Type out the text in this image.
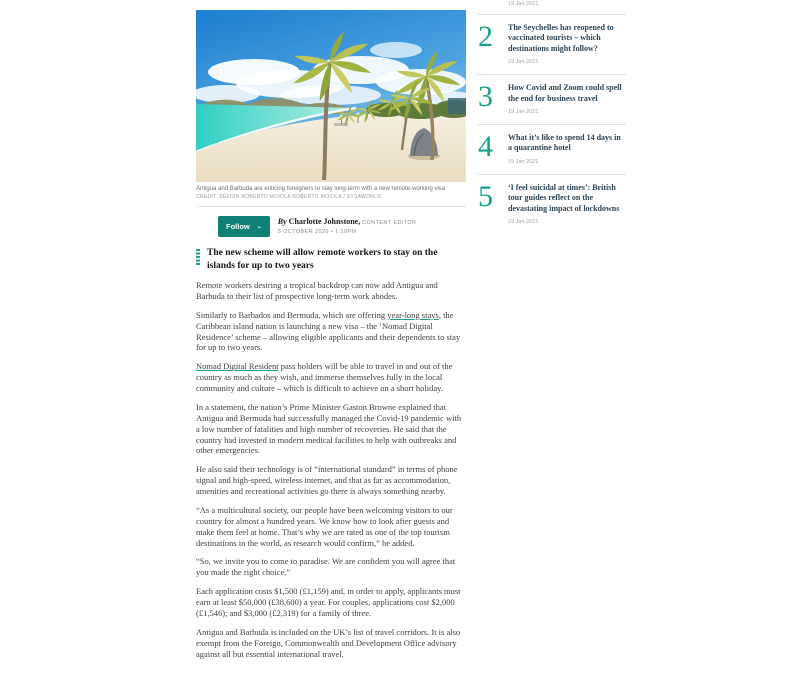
Antigua and Barbuda are enticing foreigners to stay long-term with a new remote-working visa
CREDIT: SEZION ROBERTO MOIOLA ROBERTO MOIOLA / SYSAWORLD
Follow ⌄
By Charlotte Johnstone, CONTENT EDITOR
5 OCTOBER 2020 • 1:10PM
The new scheme will allow remote workers to stay on the islands for up to two years

Remote workers desiring a tropical backdrop can now add Antigua and Barbuda to their list of prospective long-term work abodes.

Similarly to Barbados and Bermuda, which are offering year-long stays, the Caribbean island nation is launching a new visa – the ‘Nomad Digital Residence’ scheme – allowing eligible applicants and their dependents to stay for up to two years.

Nomad Digital Resident pass holders will be able to travel in and out of the country as much as they wish, and immerse themselves fully in the local community and culture – which is difficult to achieve on a short holiday.

In a statement, the nation’s Prime Minister Gaston Browne explained that Antigua and Bermuda had successfully managed the Covid-19 pandemic with a low number of fatalities and high number of recoveries. He said that the country had invested in modern medical facilities to help with outbreaks and other emergencies.

He also said their technology is of “international standard” in terms of phone signal and high-speed, wireless internet, and that as far as accommodation, amenities and recreational activities go there is always something nearby.

“As a multicultural society, our people have been welcoming visitors to our country for almost a hundred years. We know how to look after guests and make them feel at home. That’s why we are rated as one of the top tourism destinations in the world, as research would confirm,” he added.

“So, we invite you to come to paradise. We are confident you will agree that you made the right choice.”

Each application costs $1,500 (£1,159) and, in order to apply, applicants must earn at least $50,000 (£38,600) a year. For couples, applications cost $2,000 (£1,546); and $3,000 (£2,319) for a family of three.

Antigua and Barbuda is included on the UK’s list of travel corridors. It is also exempt from the Foreign, Commonwealth and Development Office advisory against all but essential international travel.

19 Jan 2021
2	The Seychelles has reopened to vaccinated tourists – which destinations might follow?
19 Jan 2021
3	How Covid and Zoom could spell the end for business travel
19 Jan 2021
4	What it’s like to spend 14 days in a quarantine hotel
19 Jan 2021
5	‘I feel suicidal at times’: British tour guides reflect on the devastating impact of lockdowns
19 Jan 2021
